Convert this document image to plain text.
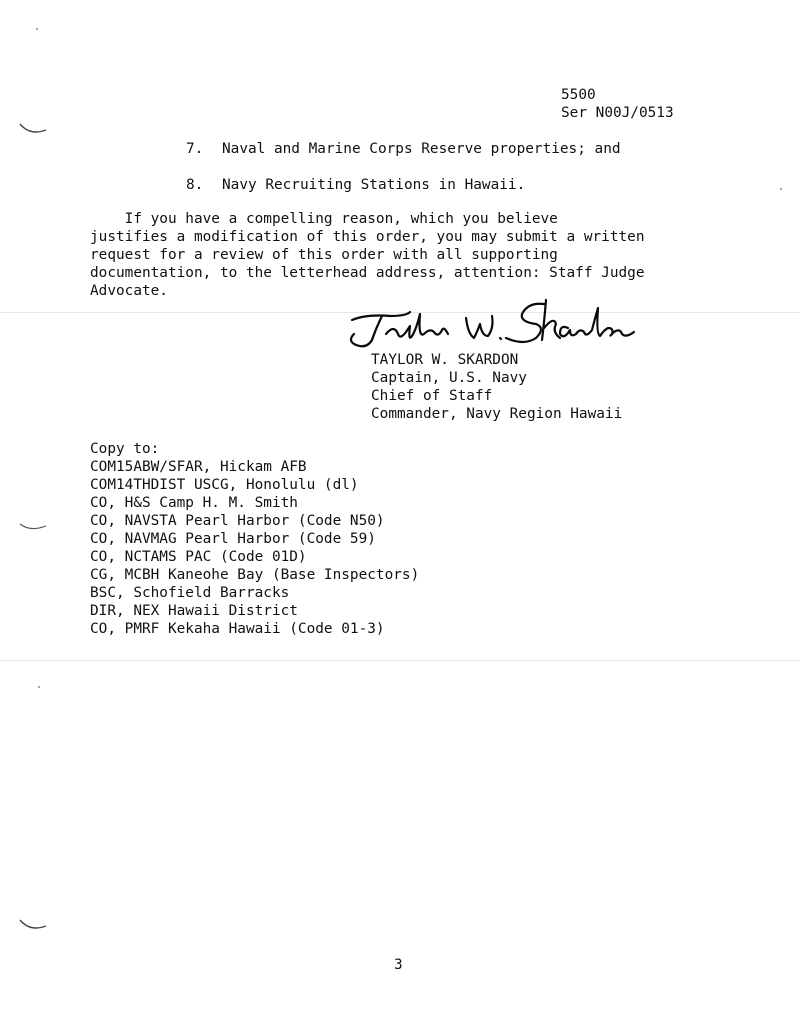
5500
Ser N00J/0513
7. Naval and Marine Corps Reserve properties; and
8. Navy Recruiting Stations in Hawaii.
If you have a compelling reason, which you believe
justifies a modification of this order, you may submit a written
request for a review of this order with all supporting
documentation, to the letterhead address, attention: Staff Judge
Advocate.
TAYLOR W. SKARDON
Captain, U.S. Navy
Chief of Staff
Commander, Navy Region Hawaii
Copy to:
COM15ABW/SFAR, Hickam AFB
COM14THDIST USCG, Honolulu (dl)
CO, H&S Camp H. M. Smith
CO, NAVSTA Pearl Harbor (Code N50)
CO, NAVMAG Pearl Harbor (Code 59)
CO, NCTAMS PAC (Code 01D)
CG, MCBH Kaneohe Bay (Base Inspectors)
BSC, Schofield Barracks
DIR, NEX Hawaii District
CO, PMRF Kekaha Hawaii (Code 01-3)
3
